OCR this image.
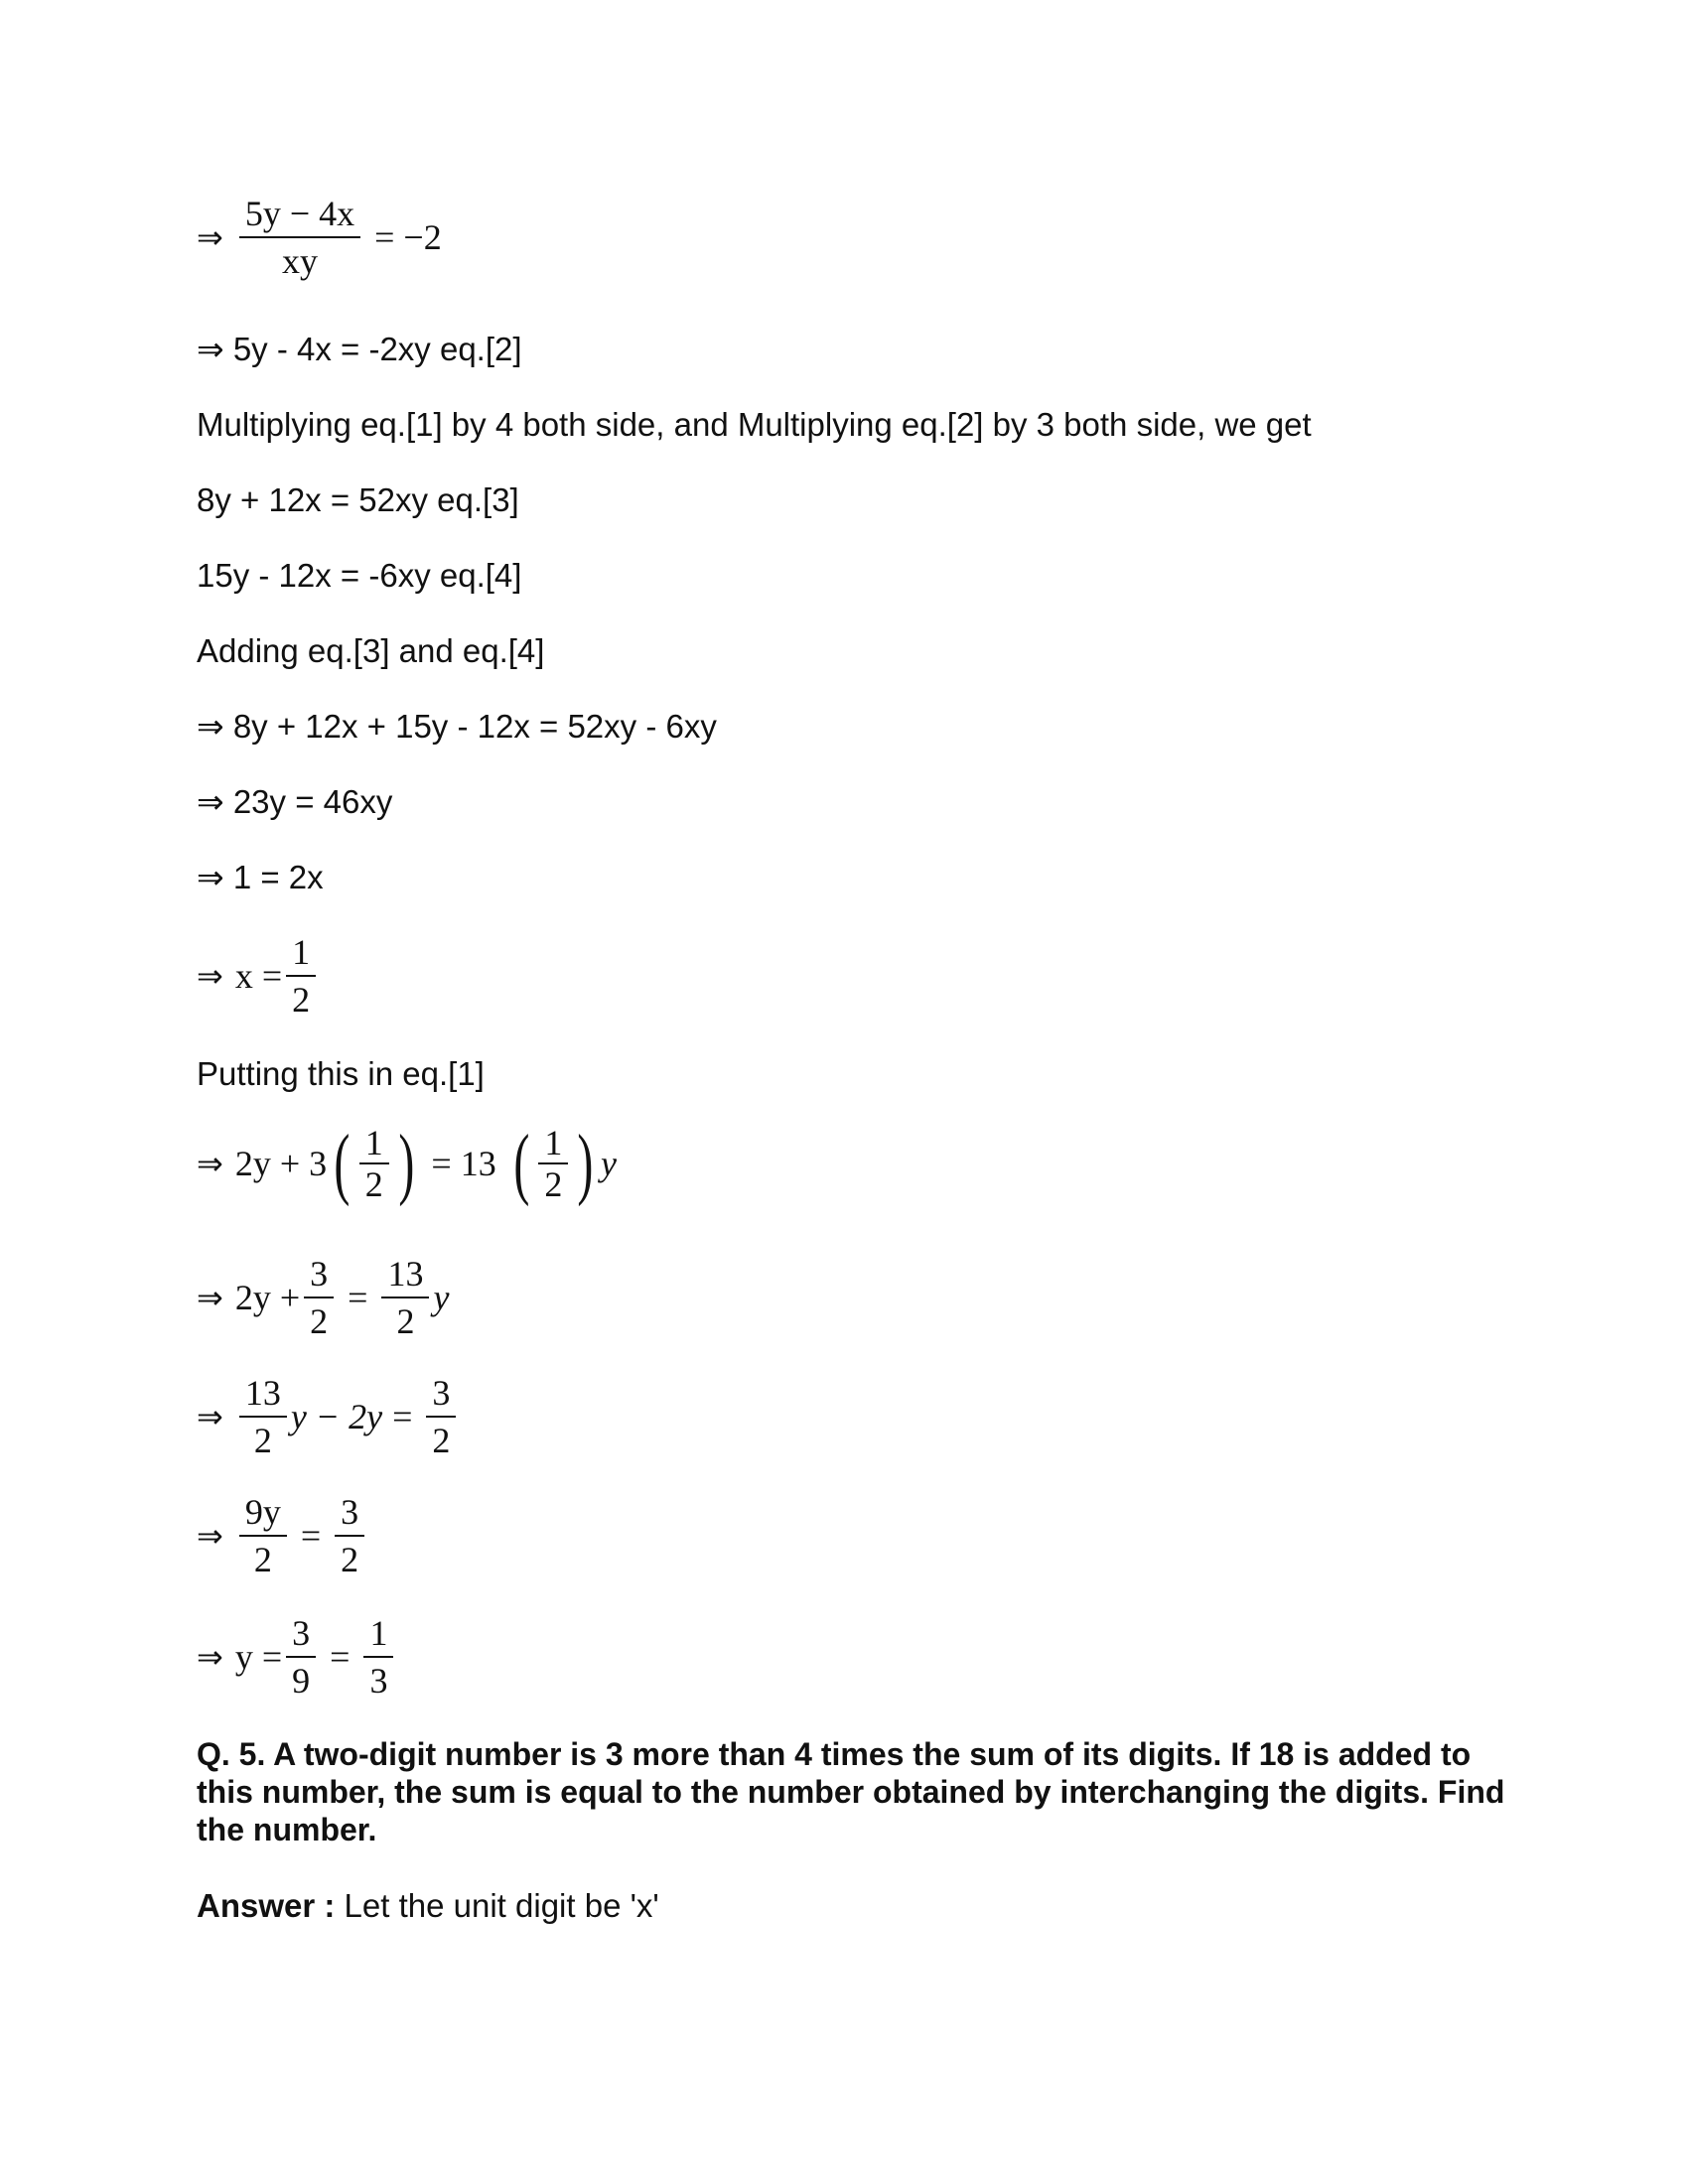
⇒ $\frac{5y - 4x}{xy} = -2$
⇒ 5y - 4x = -2xy eq.[2]
Multiplying eq.[1] by 4 both side, and Multiplying eq.[2] by 3 both side, we get
8y + 12x = 52xy eq.[3]
15y - 12x = -6xy eq.[4]
Adding eq.[3] and eq.[4]
⇒ 8y + 12x + 15y - 12x = 52xy - 6xy
⇒ 23y = 46xy
⇒ 1 = 2x
⇒ $x = \frac{1}{2}$
Putting this in eq.[1]
⇒ 2y + 3 ( $\frac{1}{2}$ ) = 13 ( $\frac{1}{2}$ ) y
⇒ $2y + \frac{3}{2} = \frac{13}{2}$ y
⇒ $\frac{13}{2}$ $y - 2y = \frac{3}{2}$
⇒ $\frac{9y}{2} = \frac{3}{2}$
⇒ $y = \frac{3}{9} = \frac{1}{3}$
Q. 5. A two-digit number is 3 more than 4 times the sum of its digits. If 18 is added to this number, the sum is equal to the number obtained by interchanging the digits. Find the number.
Answer : Let the unit digit be 'x'
